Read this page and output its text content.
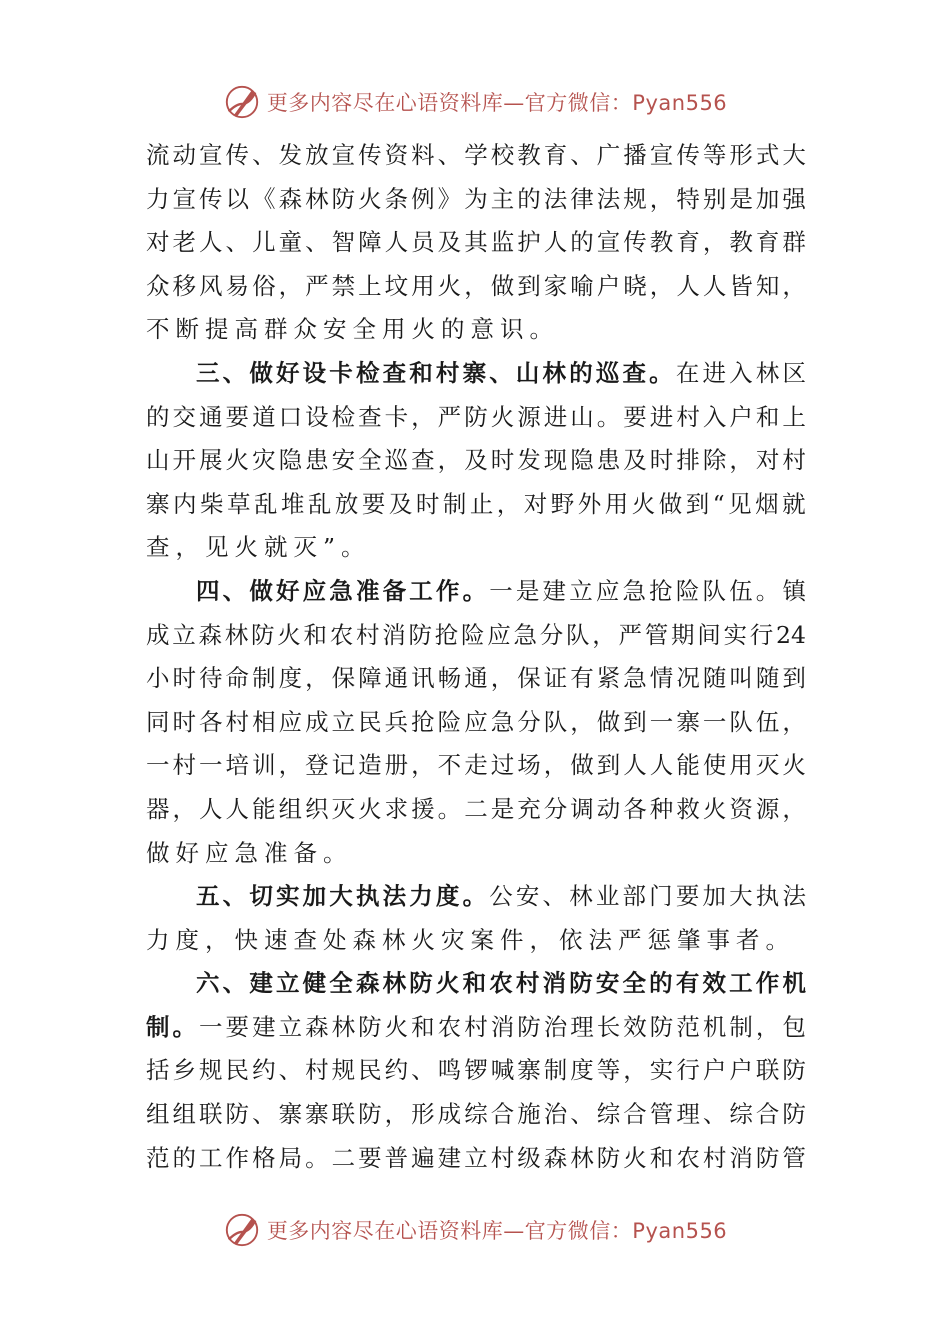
更多内容尽在心语资料库—官方微信：Pyan556
流 动 宣 传 、 发 放 宣 传 资 料 、 学 校 教 育 、 广 播 宣 传 等 形 式 大
力 宣 传 以 《 森 林 防 火 条 例 》 为 主 的 法 律 法 规 ， 特 别 是 加 强
对 老 人 、 儿 童 、 智 障 人 员 及 其 监 护 人 的 宣 传 教 育 ， 教 育 群
众 移 风 易 俗 ， 严 禁 上 坟 用 火 ， 做 到 家 喻 户 晓 ， 人 人 皆 知 ，
不 断 提 高 群 众 安 全 用 火 的 意 识 。
三 、 做 好 设 卡 检 查 和 村 寨 、 山 林 的 巡 查 。 在 进 入 林 区
的 交 通 要 道 口 设 检 查 卡 ， 严 防 火 源 进 山 。 要 进 村 入 户 和 上
山 开 展 火 灾 隐 患 安 全 巡 查 ， 及 时 发 现 隐 患 及 时 排 除 ， 对 村
寨 内 柴 草 乱 堆 乱 放 要 及 时 制 止 ， 对 野 外 用 火 做 到 “ 见 烟 就
查 ， 见 火 就 灭 ” 。
四 、 做 好 应 急 准 备 工 作 。 一 是 建 立 应 急 抢 险 队 伍 。 镇
成 立 森 林 防 火 和 农 村 消 防 抢 险 应 急 分 队 ， 严 管 期 间 实 行 24
小 时 待 命 制 度 ， 保 障 通 讯 畅 通 ， 保 证 有 紧 急 情 况 随 叫 随 到
同 时 各 村 相 应 成 立 民 兵 抢 险 应 急 分 队 ， 做 到 一 寨 一 队 伍 ，
一 村 一 培 训 ， 登 记 造 册 ， 不 走 过 场 ， 做 到 人 人 能 使 用 灭 火
器 ， 人 人 能 组 织 灭 火 求 援 。 二 是 充 分 调 动 各 种 救 火 资 源 ，
做 好 应 急 准 备 。
五 、 切 实 加 大 执 法 力 度 。 公 安 、 林 业 部 门 要 加 大 执 法
力 度 ， 快 速 查 处 森 林 火 灾 案 件 ， 依 法 严 惩 肇 事 者 。
六 、 建 立 健 全 森 林 防 火 和 农 村 消 防 安 全 的 有 效 工 作 机
制 。 一 要 建 立 森 林 防 火 和 农 村 消 防 治 理 长 效 防 范 机 制 ， 包
括 乡 规 民 约 、 村 规 民 约 、 鸣 锣 喊 寨 制 度 等 ， 实 行 户 户 联 防
组 组 联 防 、 寨 寨 联 防 ， 形 成 综 合 施 治 、 综 合 管 理 、 综 合 防
范 的 工 作 格 局 。 二 要 普 遍 建 立 村 级 森 林 防 火 和 农 村 消 防 管
更多内容尽在心语资料库—官方微信：Pyan556
